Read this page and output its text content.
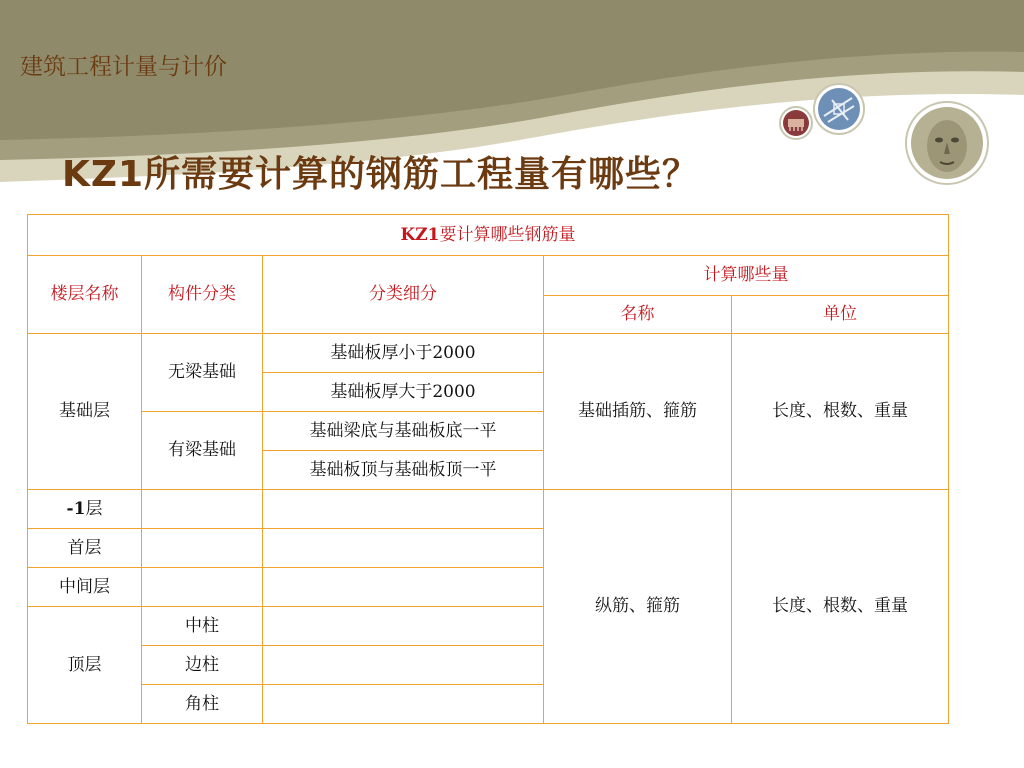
建筑工程计量与计价
KZ1所需要计算的钢筋工程量有哪些？
KZ1要计算哪些钢筋量				
楼层名称	构件分类	分类细分	计算哪些量	
			名称	单位
基础层	无梁基础	基础板厚小于2000	基础插筋、箍筋	长度、根数、重量
		基础板厚大于2000		
	有梁基础	基础梁底与基础板底一平		
		基础板顶与基础板顶一平		
-1层			纵筋、箍筋	长度、根数、重量
首层				
中间层				
顶层	中柱			
	边柱			
	角柱			
